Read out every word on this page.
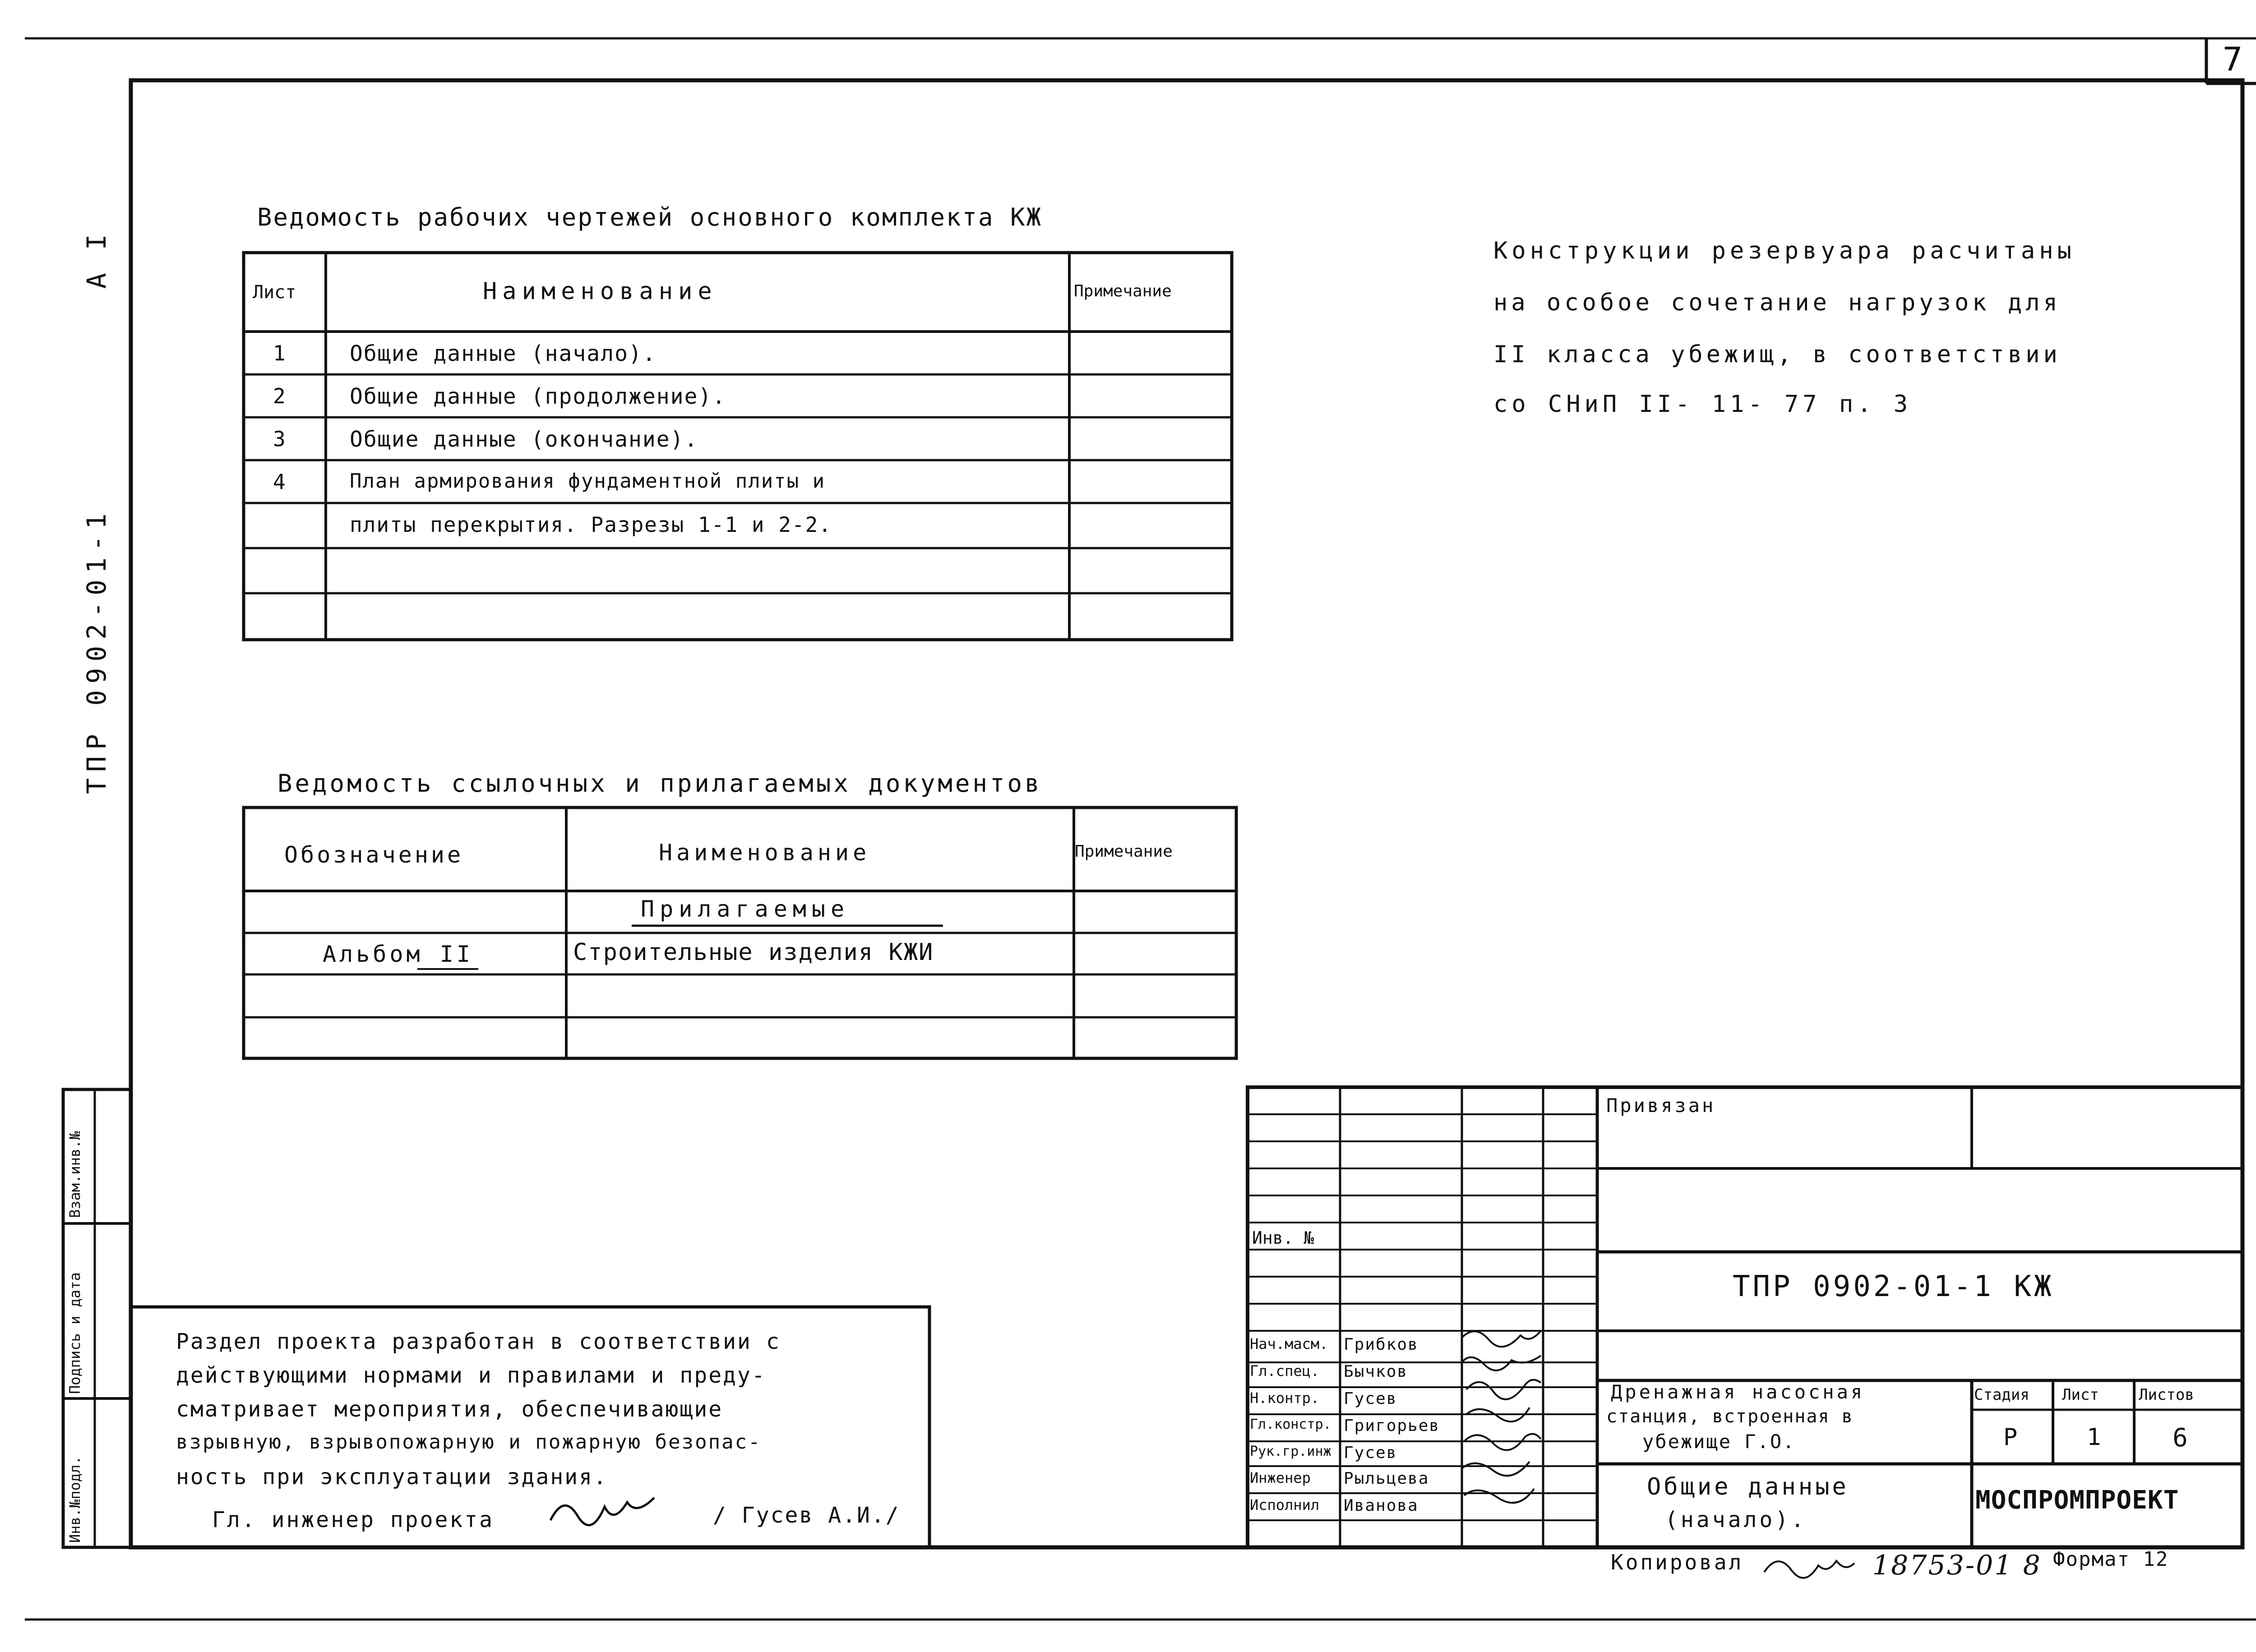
7
А I
ТПР 0902-01-1
Инв.№подл.
Подпись и дата
Взам.инв.№
Ведомость рабочих чертежей основного комплекта КЖ
Лист	Наименование	Примечание
1	Общие данные (начало).
2	Общие данные (продолжение).
3	Общие данные (окончание).
4	План армирования фундаментной плиты и
плиты перекрытия. Разрезы 1-1 и 2-2.
Ведомость ссылочных и прилагаемых документов
Обозначение	Наименование	Примечание
Прилагаемые
Альбом II	Строительные изделия КЖИ
Конструкции резервуара расчитаны
на особое сочетание нагрузок для
II класса убежищ, в соответствии
со СНиП II- 11- 77 п. 3
Раздел проекта разработан в соответствии с
действующими нормами и правилами и преду-
сматривает мероприятия, обеспечивающие
взрывную, взрывопожарную и пожарную безопас-
ность при эксплуатации здания.
Гл. инженер проекта	/ Гусев А.И./
Привязан
Инв. №
ТПР 0902-01-1 КЖ
Дренажная насосная
станция, встроенная в
убежище Г.О.
Общие данные
(начало).
Стадия Лист	Листов
Р	1	6
МОСПРОМПРОЕКТ
Нач.масм. Грибков
Гл.спец. Бычков
Н.контр. Гусев
Гл.констр. Григорьев
Рук.гр.инж Гусев
Инженер Рыльцева
Исполнил Иванова
Копировал	18753-01 8 Формат 12
